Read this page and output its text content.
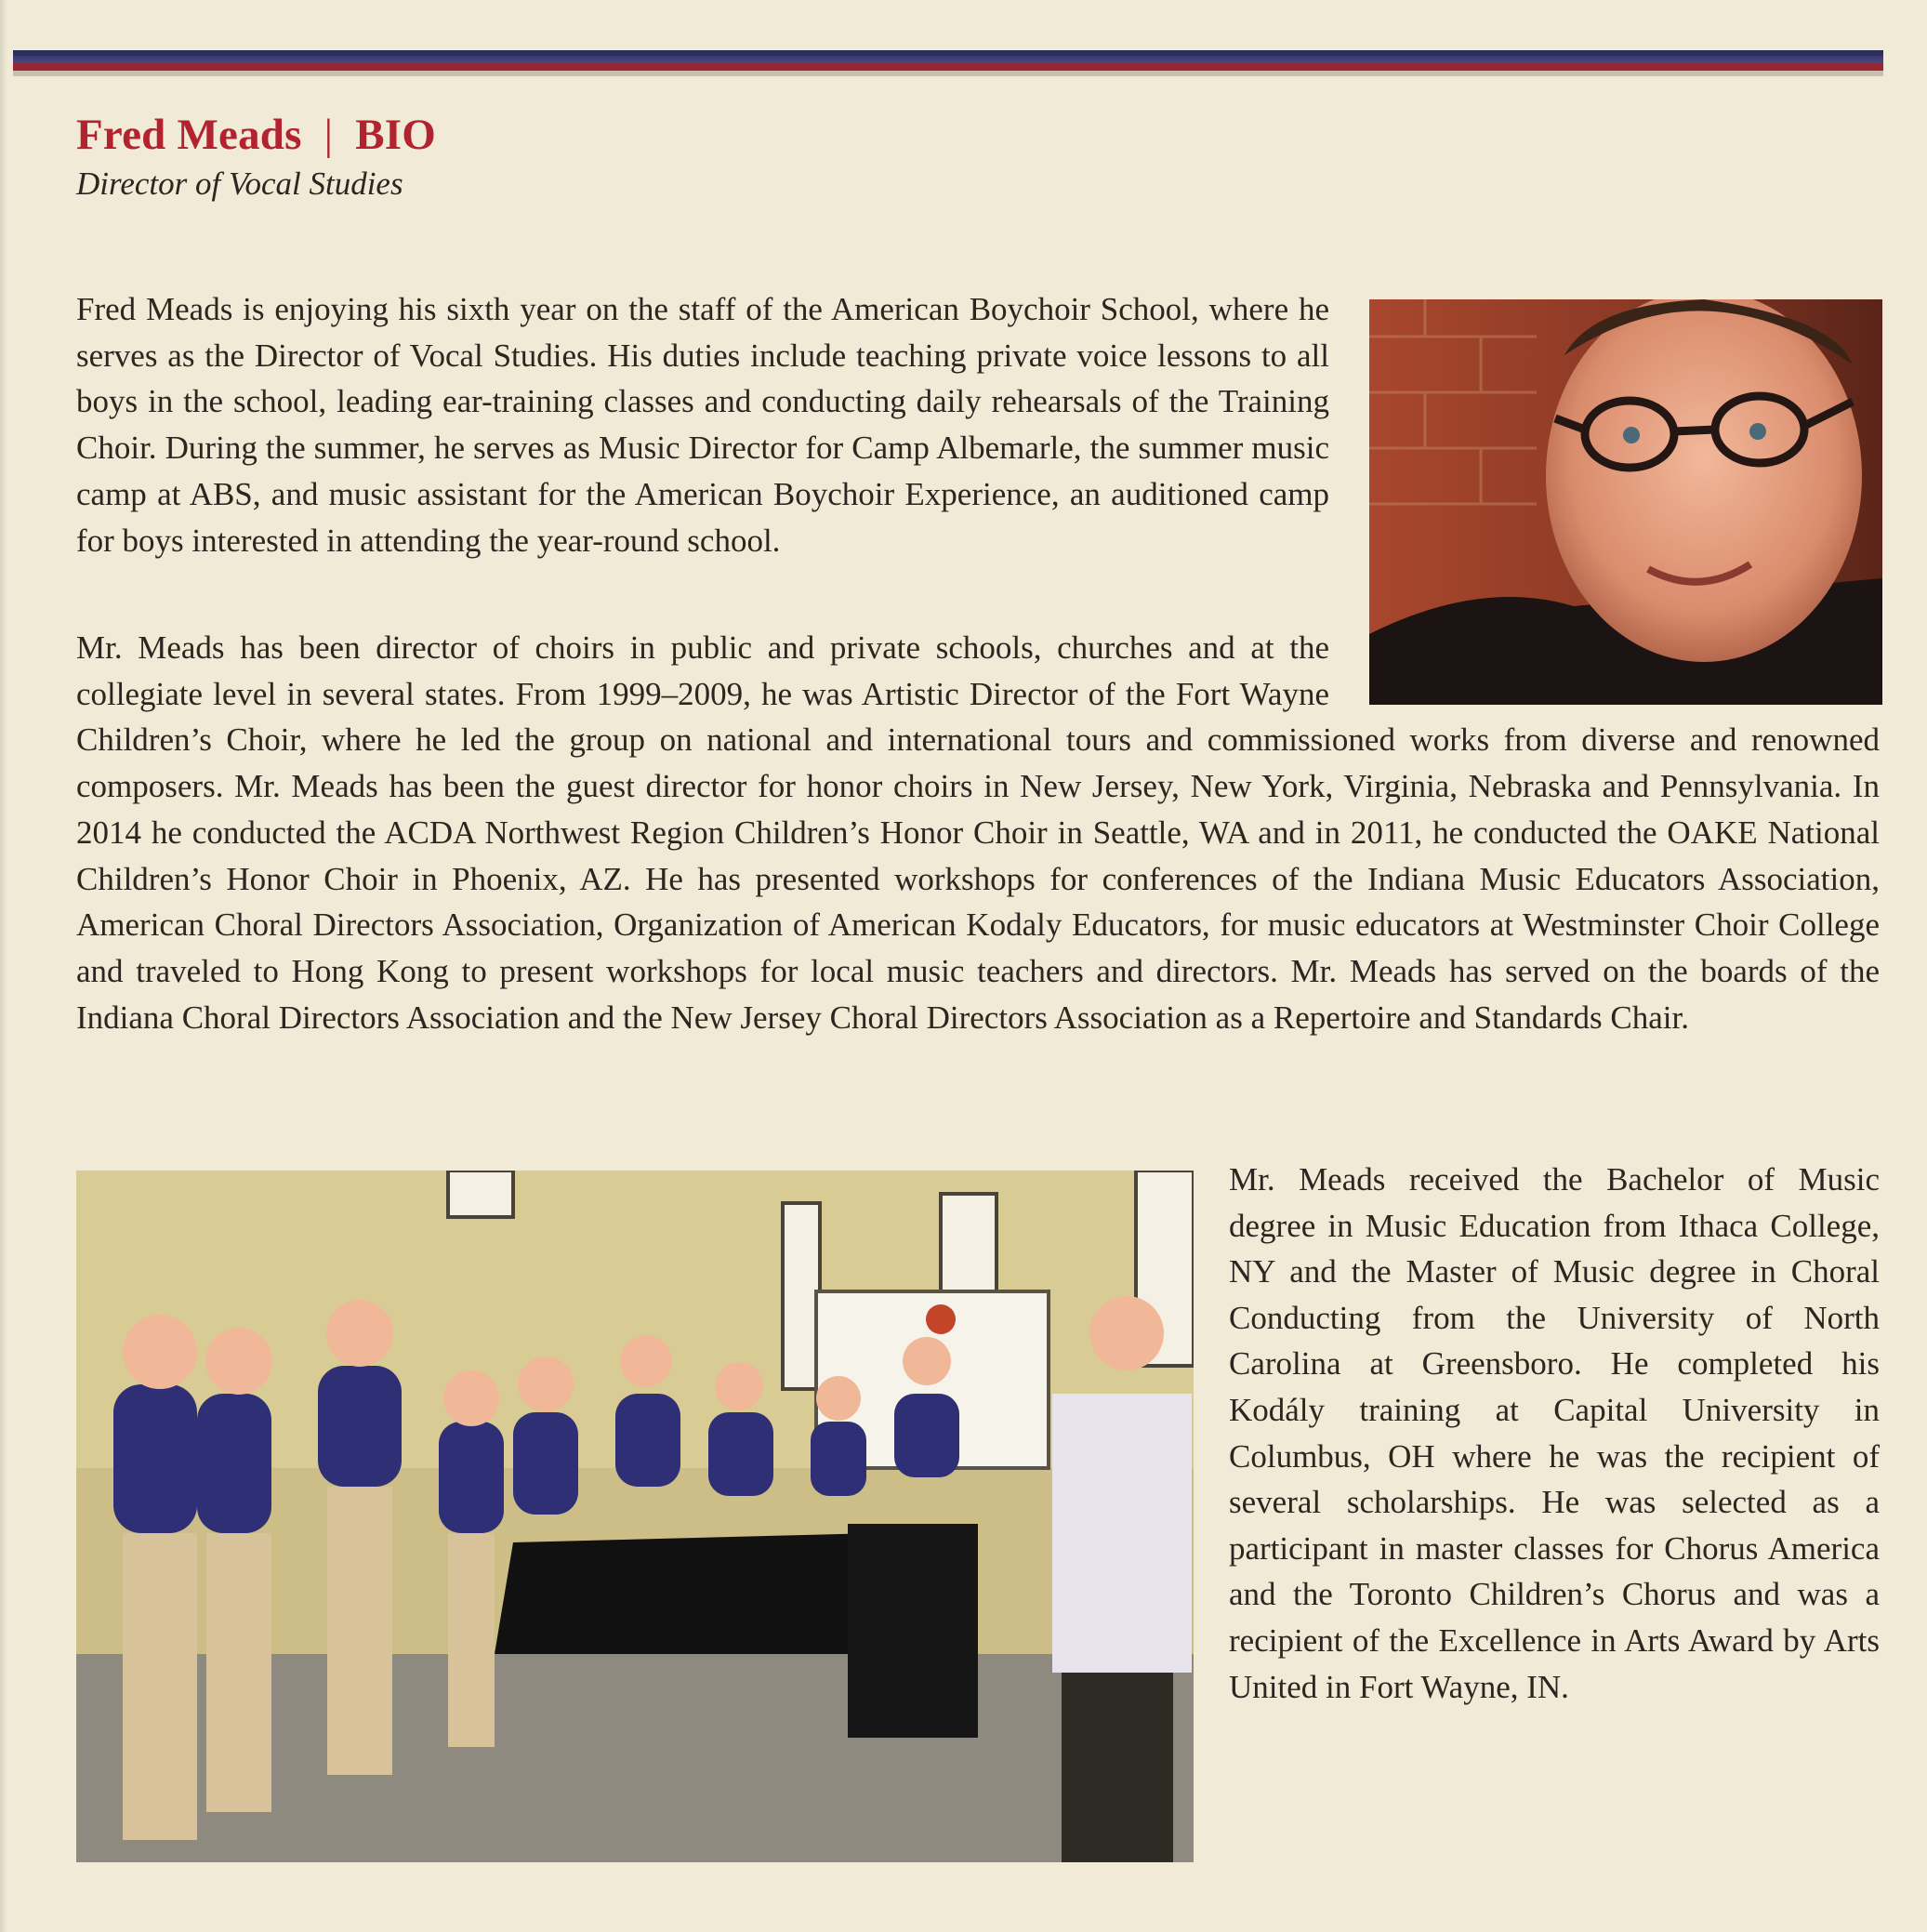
Fred Meads | BIO
Director of Vocal Studies

Fred Meads is enjoying his sixth year on the staff of the American Boychoir School, where he serves as the Director of Vocal Studies. His duties include teaching private voice lessons to all boys in the school, leading ear-training classes and conducting daily rehearsals of the Training Choir. During the summer, he serves as Music Director for Camp Albemarle, the summer music camp at ABS, and music assistant for the American Boychoir Experience, an auditioned camp for boys interested in attending the year-round school.

Mr. Meads has been director of choirs in public and private schools, churches and at the collegiate level in several states. From 1999–2009, he was Artistic Director of the Fort Wayne Children’s Choir, where he led the group on national and international tours and commissioned works from diverse and renowned composers. Mr. Meads has been the guest director for honor choirs in New Jersey, New York, Virginia, Nebraska and Pennsylvania. In 2014 he conducted the ACDA Northwest Region Children’s Honor Choir in Seattle, WA and in 2011, he conducted the OAKE National Children’s Honor Choir in Phoenix, AZ. He has presented workshops for conferences of the Indiana Music Educators Association, American Choral Directors Association, Organization of American Kodaly Educators, for music educators at Westminster Choir College and traveled to Hong Kong to present workshops for local music teachers and directors. Mr. Meads has served on the boards of the Indiana Choral Directors Association and the New Jersey Choral Directors Association as a Repertoire and Standards Chair.

Mr. Meads received the Bachelor of Music degree in Music Education from Ithaca College, NY and the Master of Music degree in Choral Conducting from the University of North Carolina at Greensboro. He completed his Kodály training at Capital University in Columbus, OH where he was the recipient of several scholarships. He was selected as a participant in master classes for Chorus America and the Toronto Children’s Chorus and was a recipient of the Excellence in Arts Award by Arts United in Fort Wayne, IN.
